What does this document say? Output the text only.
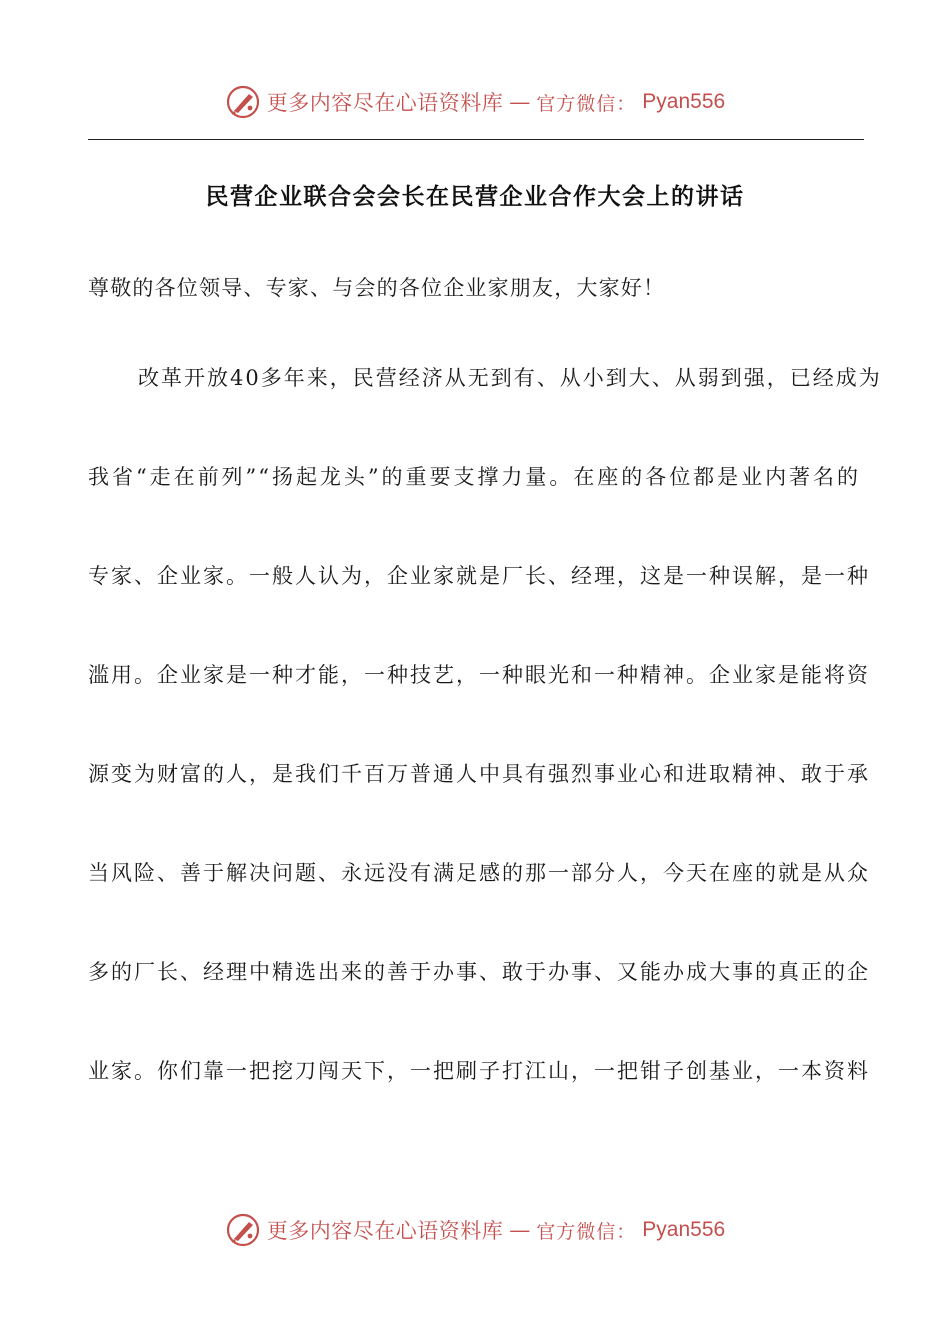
更多内容尽在心语资料库 — 官方微信： Pyan556
民营企业联合会会长在民营企业合作大会上的讲话
尊敬的各位领导、专家、与会的各位企业家朋友，大家好！
改革开放40多年来，民营经济从无到有、从小到大、从弱到强，已经成为
我省“走在前列”“扬起龙头”的重要支撑力量。在座的各位都是业内著名的
专家、企业家。一般人认为，企业家就是厂长、经理，这是一种误解，是一种
滥用。企业家是一种才能，一种技艺，一种眼光和一种精神。企业家是能将资
源变为财富的人，是我们千百万普通人中具有强烈事业心和进取精神、敢于承
当风险、善于解决问题、永远没有满足感的那一部分人，今天在座的就是从众
多的厂长、经理中精选出来的善于办事、敢于办事、又能办成大事的真正的企
业家。你们靠一把挖刀闯天下，一把刷子打江山，一把钳子创基业，一本资料
更多内容尽在心语资料库 — 官方微信： Pyan556
